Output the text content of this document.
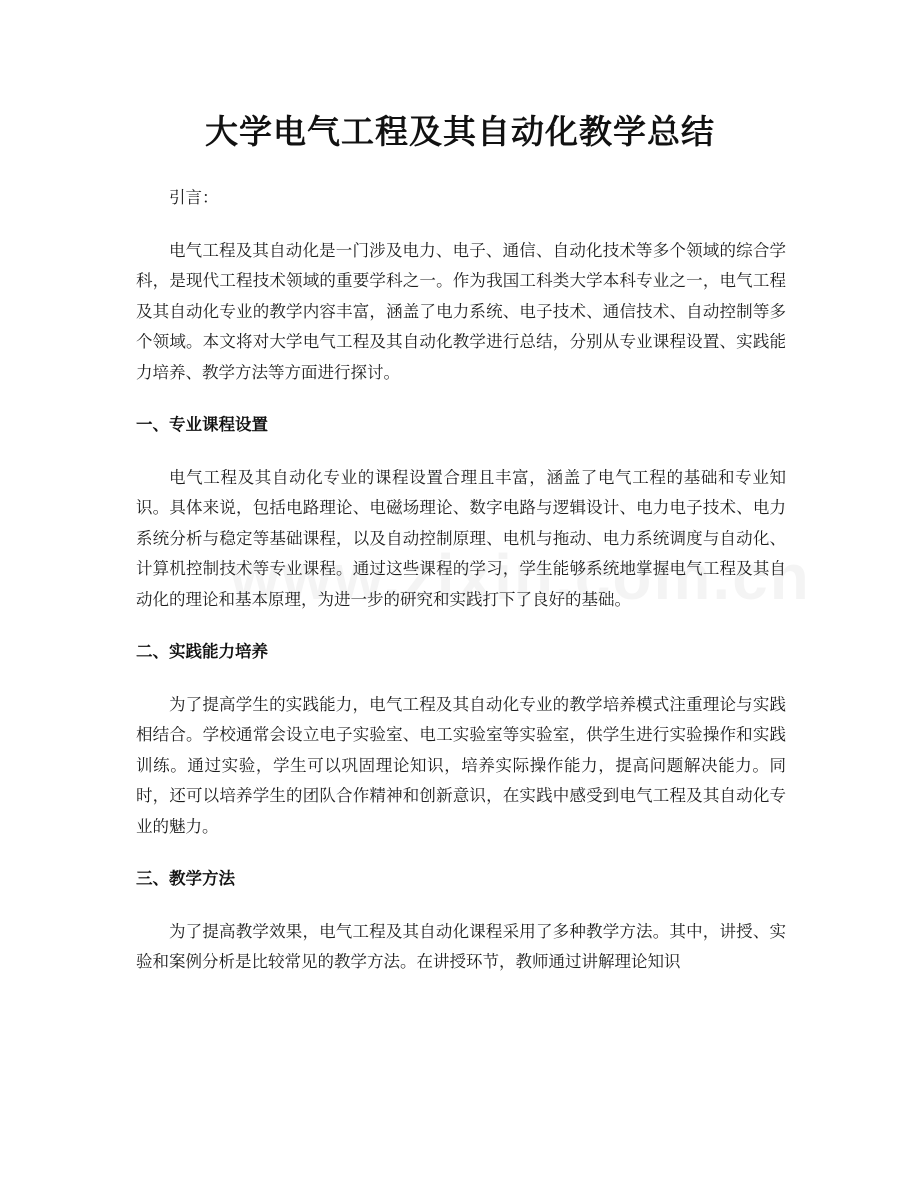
大学电气工程及其自动化教学总结

引言：

电气工程及其自动化是一门涉及电力、电子、通信、自动化技术等多个领域的综合学科，是现代工程技术领域的重要学科之一。作为我国工科类大学本科专业之一，电气工程及其自动化专业的教学内容丰富，涵盖了电力系统、电子技术、通信技术、自动控制等多个领域。本文将对大学电气工程及其自动化教学进行总结，分别从专业课程设置、实践能力培养、教学方法等方面进行探讨。

一、专业课程设置

电气工程及其自动化专业的课程设置合理且丰富，涵盖了电气工程的基础和专业知识。具体来说，包括电路理论、电磁场理论、数字电路与逻辑设计、电力电子技术、电力系统分析与稳定等基础课程，以及自动控制原理、电机与拖动、电力系统调度与自动化、计算机控制技术等专业课程。通过这些课程的学习，学生能够系统地掌握电气工程及其自动化的理论和基本原理，为进一步的研究和实践打下了良好的基础。

二、实践能力培养

为了提高学生的实践能力，电气工程及其自动化专业的教学培养模式注重理论与实践相结合。学校通常会设立电子实验室、电工实验室等实验室，供学生进行实验操作和实践训练。通过实验，学生可以巩固理论知识，培养实际操作能力，提高问题解决能力。同时，还可以培养学生的团队合作精神和创新意识，在实践中感受到电气工程及其自动化专业的魅力。

三、教学方法

为了提高教学效果，电气工程及其自动化课程采用了多种教学方法。其中，讲授、实验和案例分析是比较常见的教学方法。在讲授环节，教师通过讲解理论知识
